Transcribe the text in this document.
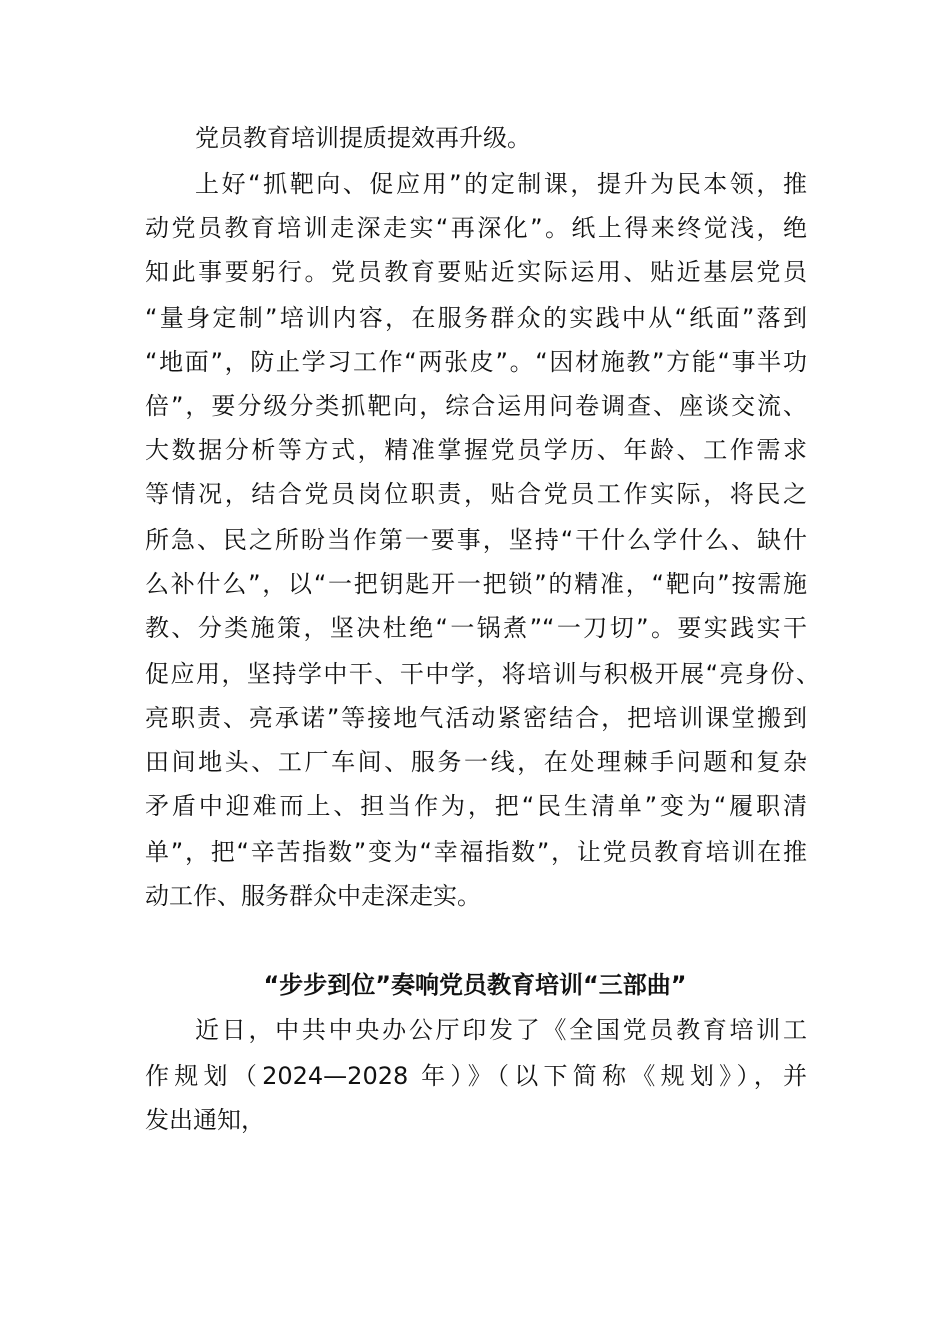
党员教育培训提质提效再升级。
上好“抓靶向、促应用”的定制课，提升为民本领，推
动党员教育培训走深走实“再深化”。纸上得来终觉浅，绝
知此事要躬行。党员教育要贴近实际运用、贴近基层党员
“量身定制”培训内容，在服务群众的实践中从“纸面”落到
“地面”，防止学习工作“两张皮”。“因材施教”方能“事半功
倍”，要分级分类抓靶向，综合运用问卷调查、座谈交流、
大数据分析等方式，精准掌握党员学历、年龄、工作需求
等情况，结合党员岗位职责，贴合党员工作实际，将民之
所急、民之所盼当作第一要事，坚持“干什么学什么、缺什
么补什么”，以“一把钥匙开一把锁”的精准，“靶向”按需施
教、分类施策，坚决杜绝“一锅煮”“一刀切”。要实践实干
促应用，坚持学中干、干中学，将培训与积极开展“亮身份、
亮职责、亮承诺”等接地气活动紧密结合，把培训课堂搬到
田间地头、工厂车间、服务一线，在处理棘手问题和复杂
矛盾中迎难而上、担当作为，把“民生清单”变为“履职清
单”，把“辛苦指数”变为“幸福指数”，让党员教育培训在推
动工作、服务群众中走深走实。
“步步到位”奏响党员教育培训“三部曲”
近日，中共中央办公厅印发了《全国党员教育培训工
作规划（2024—2028 年）》（以下简称《规划》），并
发出通知，
